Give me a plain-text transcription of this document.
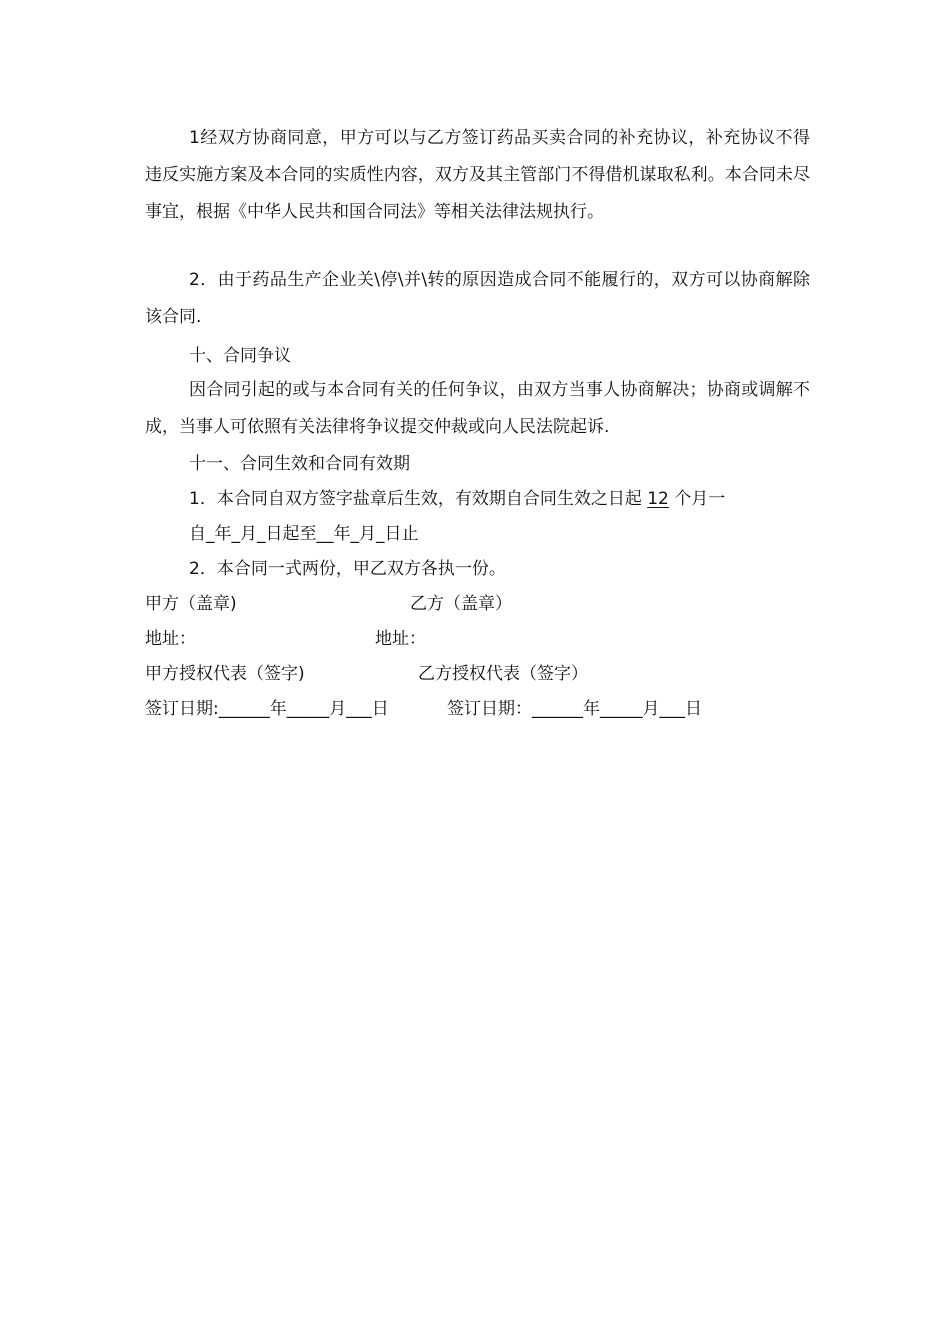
1经双方协商同意，甲方可以与乙方签订药品买卖合同的补充协议，补充协议不得违反实施方案及本合同的实质性内容，双方及其主管部门不得借机谋取私利。本合同未尽事宜，根据《中华人民共和国合同法》等相关法律法规执行。

2．由于药品生产企业关\停\并\转的原因造成合同不能履行的，双方可以协商解除该合同.

十、合同争议

因合同引起的或与本合同有关的任何争议，由双方当事人协商解决；协商或调解不成，当事人可依照有关法律将争议提交仲裁或向人民法院起诉.

十一、合同生效和合同有效期
1．本合同自双方签字盐章后生效，有效期自合同生效之日起 12 个月一
自_年_月_日起至__年_月_日止
2．本合同一式两份，甲乙双方各执一份。
甲方（盖章)	乙方（盖章）
地址：	地址：
甲方授权代表（签字)	乙方授权代表（签字）
签订日期:______年_____月___日	签订日期：______年_____月___日
